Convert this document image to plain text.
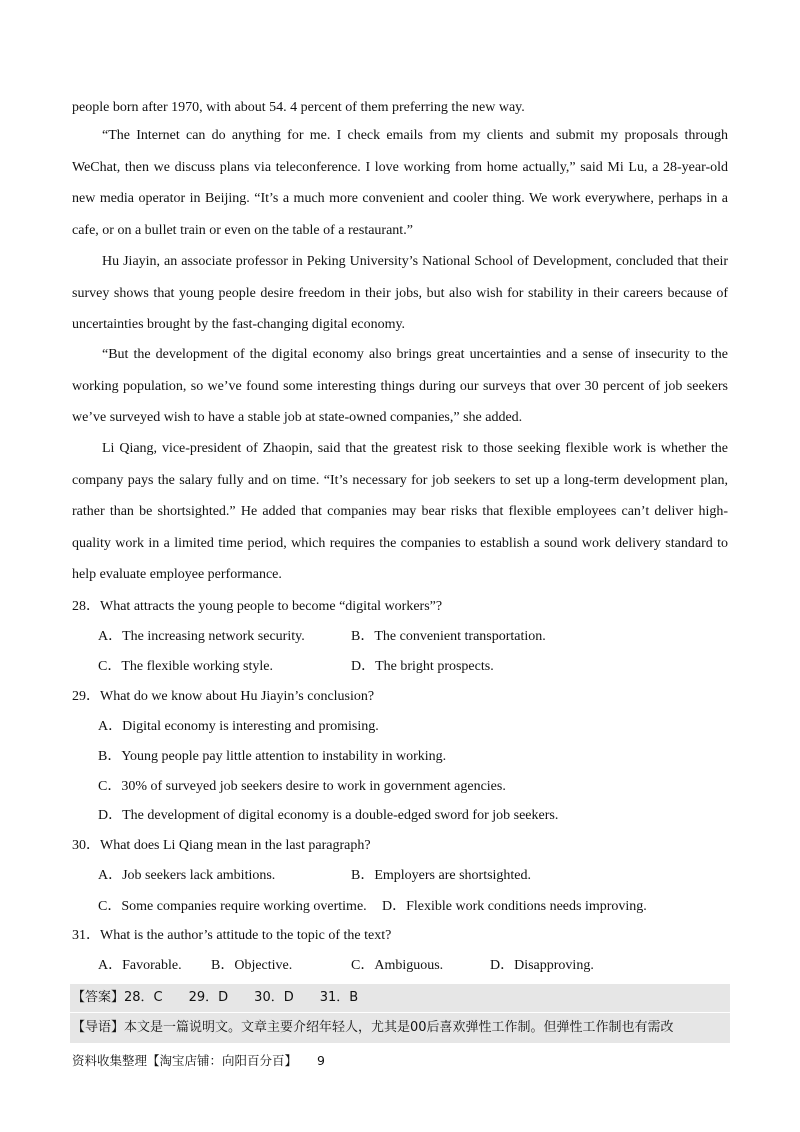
people born after 1970, with about 54. 4 percent of them preferring the new way.

“The Internet can do anything for me. I check emails from my clients and submit my proposals through WeChat, then we discuss plans via teleconference. I love working from home actually,” said Mi Lu, a 28-year-old new media operator in Beijing. “It’s a much more convenient and cooler thing. We work everywhere, perhaps in a cafe, or on a bullet train or even on the table of a restaurant.”

Hu Jiayin, an associate professor in Peking University’s National School of Development, concluded that their survey shows that young people desire freedom in their jobs, but also wish for stability in their careers because of uncertainties brought by the fast-changing digital economy.

“But the development of the digital economy also brings great uncertainties and a sense of insecurity to the working population, so we’ve found some interesting things during our surveys that over 30 percent of job seekers we’ve surveyed wish to have a stable job at state-owned companies,” she added.

Li Qiang, vice-president of Zhaopin, said that the greatest risk to those seeking flexible work is whether the company pays the salary fully and on time. “It’s necessary for job seekers to set up a long-term development plan, rather than be shortsighted.” He added that companies may bear risks that flexible employees can’t deliver high-quality work in a limited time period, which requires the companies to establish a sound work delivery standard to help evaluate employee performance.

28．What attracts the young people to become “digital workers”?
A．The increasing network security.	B．The convenient transportation.
C．The flexible working style.	D．The bright prospects.
29．What do we know about Hu Jiayin’s conclusion?
A．Digital economy is interesting and promising.
B．Young people pay little attention to instability in working.
C．30% of surveyed job seekers desire to work in government agencies.
D．The development of digital economy is a double-edged sword for job seekers.
30．What does Li Qiang mean in the last paragraph?
A．Job seekers lack ambitions.	B．Employers are shortsighted.
C．Some companies require working overtime. D．Flexible work conditions needs improving.
31．What is the author’s attitude to the topic of the text?
A．Favorable. B．Objective.	C．Ambiguous.	D．Disapproving.
【答案】28．C　　29．D　　30．D　　31．B
【导语】本文是一篇说明文。文章主要介绍年轻人，尤其是00后喜欢弹性工作制。但弹性工作制也有需改
资料收集整理【淘宝店铺：向阳百分百】 9
